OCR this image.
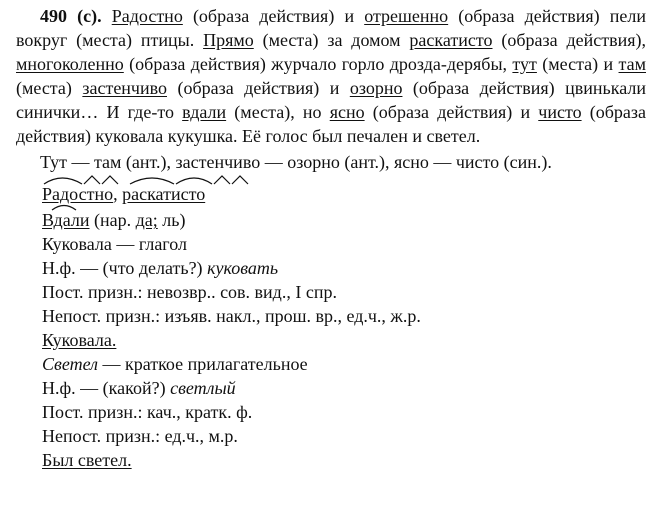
490 (с). Радостно (образа действия) и отрешенно (образа действия) пели вокруг (места) птицы. Прямо (места) за домом раскатисто (образа действия), многоколенно (образа действия) журчало горло дрозда-дерябы, тут (места) и там (места) застенчиво (образа действия) и озорно (образа действия) цвинькали синички… И где-то вдали (места), но ясно (образа действия) и чисто (образа действия) куковала кукушка. Её голос был печален и светел.

Тут — там (ант.), застенчиво — озорно (ант.), ясно — чисто (син.).

Радостно, раскатисто
Вдали (нар. да; ль)
Куковала — глагол
Н.ф. — (что делать?) куковать
Пост. призн.: невозвр.. сов. вид., I спр.
Непост. призн.: изъяв. накл., прош. вр., ед.ч., ж.р.
Куковала.
Светел — краткое прилагательное
Н.ф. — (какой?) светлый
Пост. призн.: кач., кратк. ф.
Непост. призн.: ед.ч., м.р.
Был светел.
